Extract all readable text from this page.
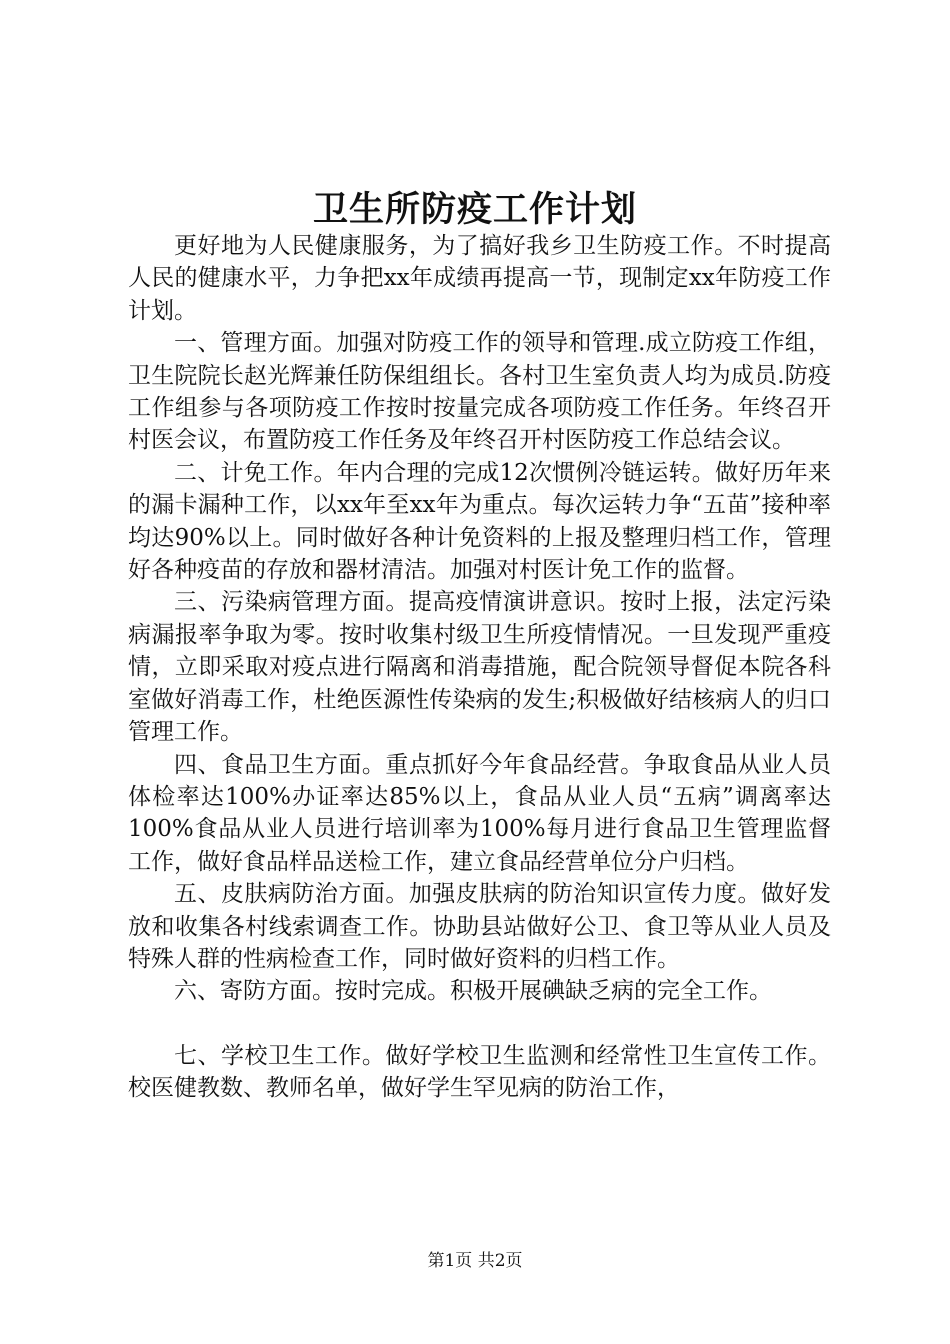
卫生所防疫工作计划

更好地为人民健康服务，为了搞好我乡卫生防疫工作。不时提高人民的健康水平，力争把xx年成绩再提高一节，现制定xx年防疫工作计划。

一、管理方面。加强对防疫工作的领导和管理.成立防疫工作组，卫生院院长赵光辉兼任防保组组长。各村卫生室负责人均为成员.防疫工作组参与各项防疫工作按时按量完成各项防疫工作任务。年终召开村医会议，布置防疫工作任务及年终召开村医防疫工作总结会议。

二、计免工作。年内合理的完成12次惯例冷链运转。做好历年来的漏卡漏种工作，以xx年至xx年为重点。每次运转力争“五苗”接种率均达90%以上。同时做好各种计免资料的上报及整理归档工作，管理好各种疫苗的存放和器材清洁。加强对村医计免工作的监督。

三、污染病管理方面。提高疫情演讲意识。按时上报，法定污染病漏报率争取为零。按时收集村级卫生所疫情情况。一旦发现严重疫情，立即采取对疫点进行隔离和消毒措施，配合院领导督促本院各科室做好消毒工作，杜绝医源性传染病的发生;积极做好结核病人的归口管理工作。

四、食品卫生方面。重点抓好今年食品经营。争取食品从业人员体检率达100%办证率达85%以上，食品从业人员“五病”调离率达100%食品从业人员进行培训率为100%每月进行食品卫生管理监督工作，做好食品样品送检工作，建立食品经营单位分户归档。

五、皮肤病防治方面。加强皮肤病的防治知识宣传力度。做好发放和收集各村线索调查工作。协助县站做好公卫、食卫等从业人员及特殊人群的性病检查工作，同时做好资料的归档工作。

六、寄防方面。按时完成。积极开展碘缺乏病的完全工作。

七、学校卫生工作。做好学校卫生监测和经常性卫生宣传工作。校医健教数、教师名单，做好学生罕见病的防治工作，

第1页 共2页
